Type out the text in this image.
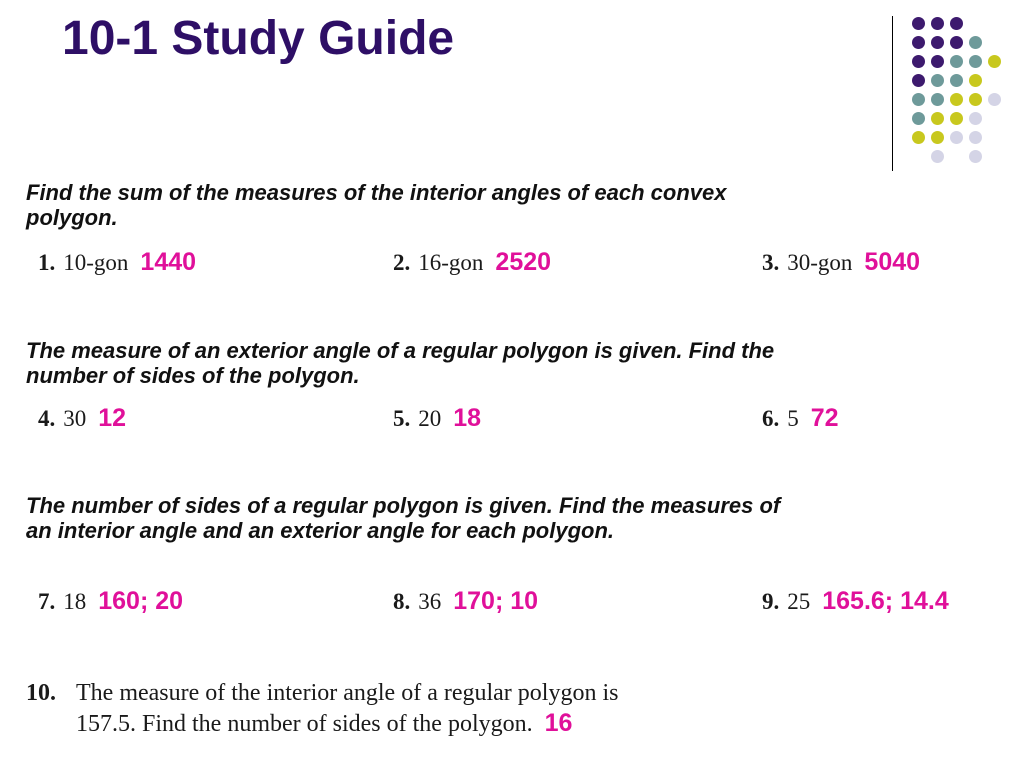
10-1 Study Guide
Find the sum of the measures of the interior angles of each convex polygon.
1. 10-gon 1440	2. 16-gon 2520	3. 30-gon 5040
The measure of an exterior angle of a regular polygon is given. Find the number of sides of the polygon.
4. 30 12	5. 20 18	6. 5 72
The number of sides of a regular polygon is given. Find the measures of an interior angle and an exterior angle for each polygon.
7. 18 160; 20	8. 36 170; 10	9. 25 165.6; 14.4
10. The measure of the interior angle of a regular polygon is
157.5. Find the number of sides of the polygon. 16
